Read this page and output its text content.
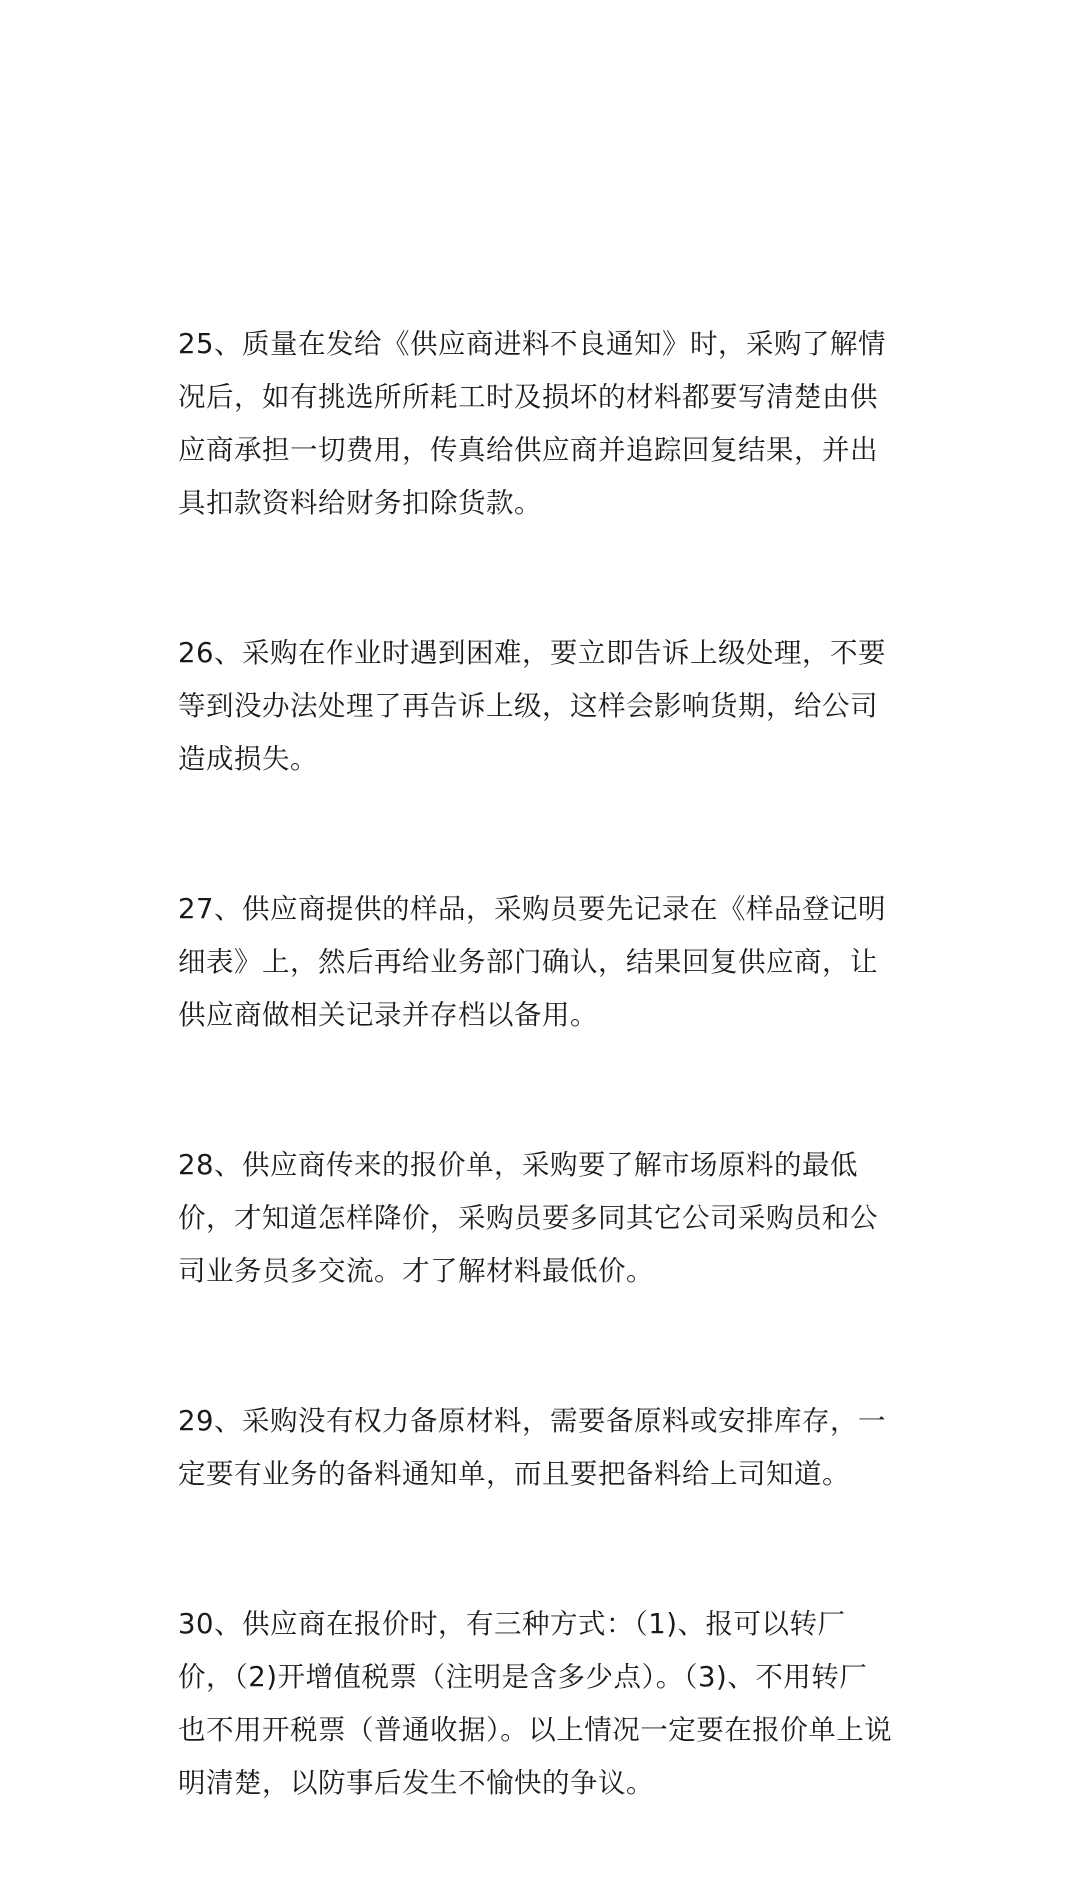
25、质量在发给《供应商进料不良通知》时，采购了解情
况后，如有挑选所所耗工时及损坏的材料都要写清楚由供
应商承担一切费用，传真给供应商并追踪回复结果，并出
具扣款资料给财务扣除货款。
26、采购在作业时遇到困难，要立即告诉上级处理，不要
等到没办法处理了再告诉上级，这样会影响货期，给公司
造成损失。
27、供应商提供的样品，采购员要先记录在《样品登记明
细表》上，然后再给业务部门确认，结果回复供应商，让
供应商做相关记录并存档以备用。
28、供应商传来的报价单，采购要了解市场原料的最低
价，才知道怎样降价，采购员要多同其它公司采购员和公
司业务员多交流。才了解材料最低价。
29、采购没有权力备原材料，需要备原料或安排库存，一
定要有业务的备料通知单，而且要把备料给上司知道。
30、供应商在报价时，有三种方式：（1)、报可以转厂
价，（2)开增值税票（注明是含多少点）。（3)、不用转厂
也不用开税票（普通收据）。以上情况一定要在报价单上说
明清楚，以防事后发生不愉快的争议。
